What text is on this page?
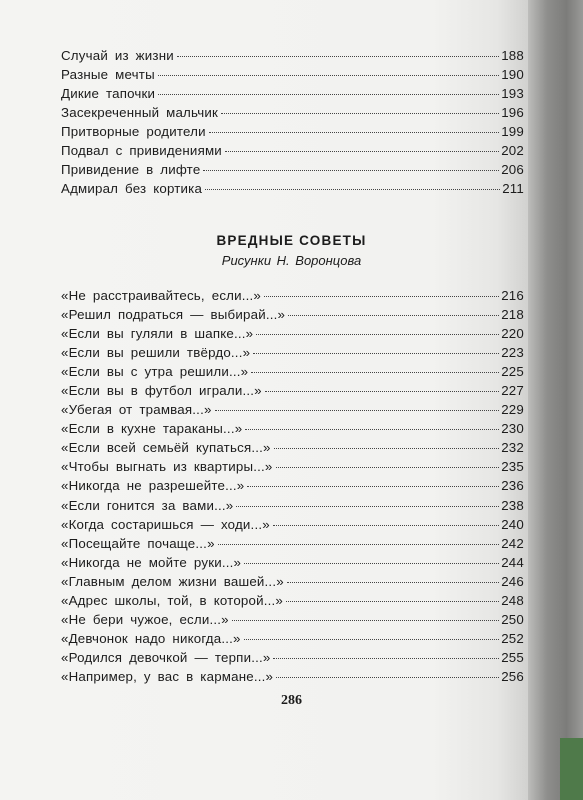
Случай из жизни	188
Разные мечты	190
Дикие тапочки	193
Засекреченный мальчик	196
Притворные родители	199
Подвал с привидениями	202
Привидение в лифте	206
Адмирал без кортика	211
ВРЕДНЫЕ СОВЕТЫ
Рисунки Н. Воронцова
«Не расстраивайтесь, если...»	216
«Решил подраться — выбирай...»	218
«Если вы гуляли в шапке...»	220
«Если вы решили твёрдо...»	223
«Если вы с утра решили...»	225
«Если вы в футбол играли...»	227
«Убегая от трамвая...»	229
«Если в кухне тараканы...»	230
«Если всей семьёй купаться...»	232
«Чтобы выгнать из квартиры...»	235
«Никогда не разрешейте...»	236
«Если гонится за вами...»	238
«Когда состаришься — ходи...»	240
«Посещайте почаще...»	242
«Никогда не мойте руки...»	244
«Главным делом жизни вашей...»	246
«Адрес школы, той, в которой...»	248
«Не бери чужое, если...»	250
«Девчонок надо никогда...»	252
«Родился девочкой — терпи...»	255
«Например, у вас в кармане...»	256
286
